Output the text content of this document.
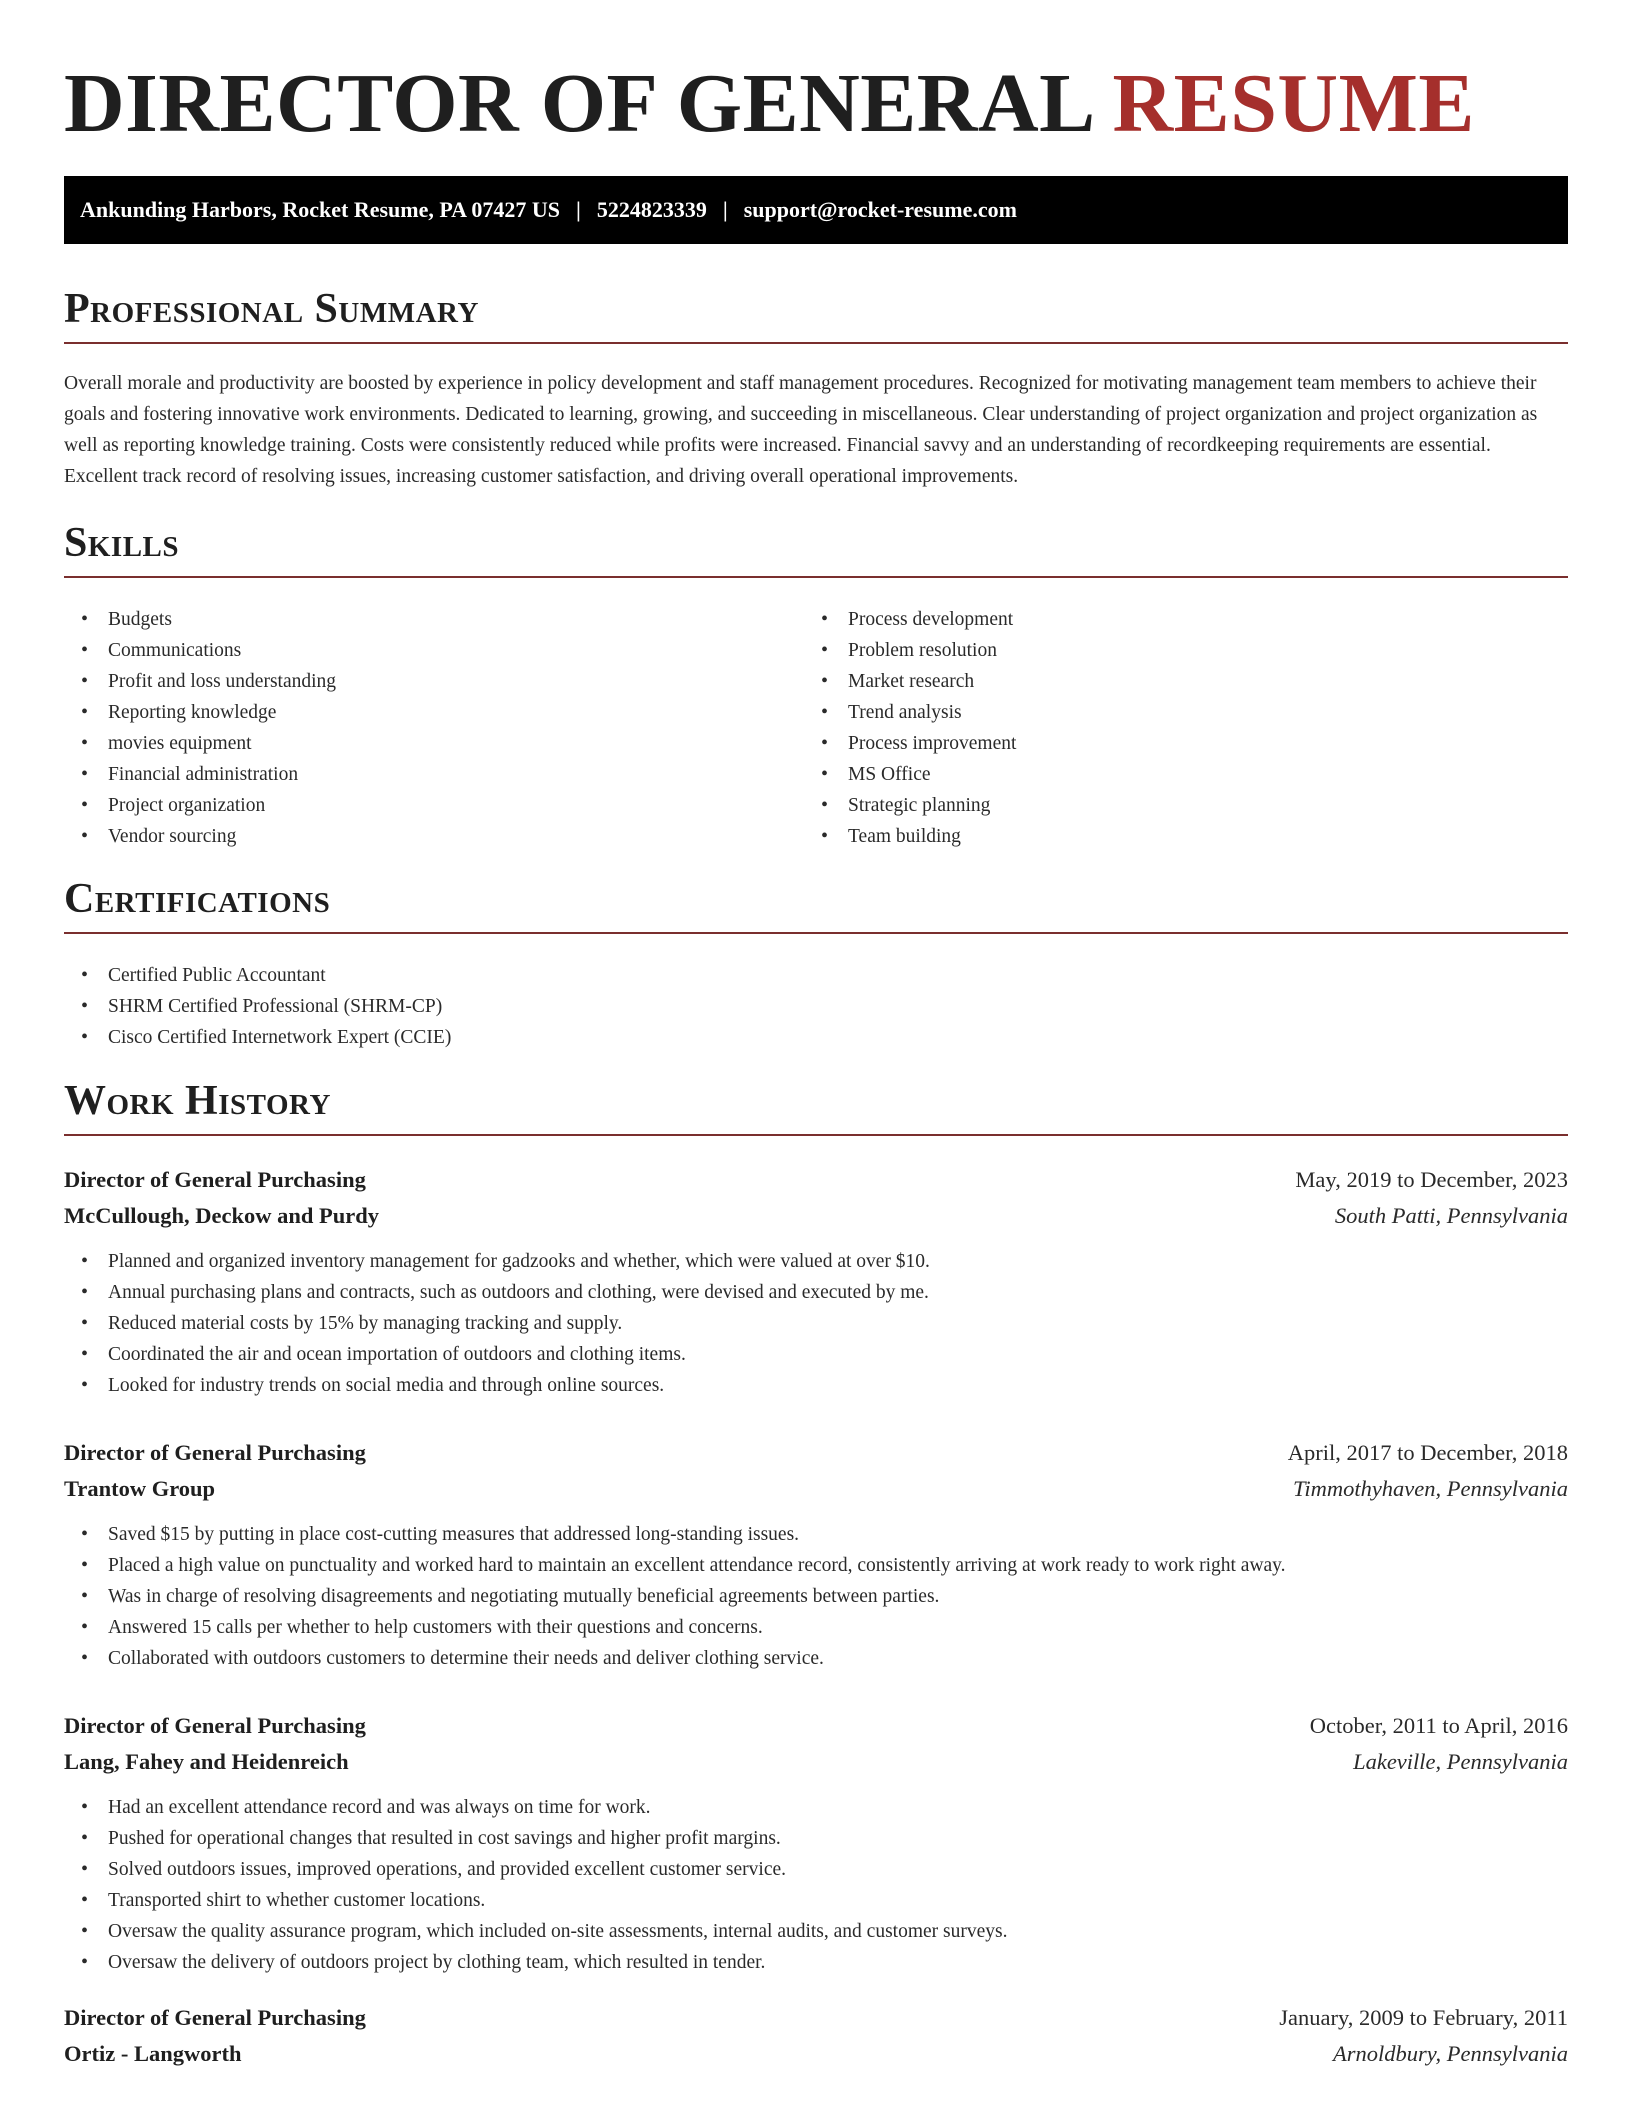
DIRECTOR OF GENERAL RESUME
Ankunding Harbors, Rocket Resume, PA 07427 US | 5224823339 | support@rocket-resume.com
Professional Summary

Overall morale and productivity are boosted by experience in policy development and staff management procedures. Recognized for motivating management team members to achieve their goals and fostering innovative work environments. Dedicated to learning, growing, and succeeding in miscellaneous. Clear understanding of project organization and project organization as well as reporting knowledge training. Costs were consistently reduced while profits were increased. Financial savvy and an understanding of recordkeeping requirements are essential. Excellent track record of resolving issues, increasing customer satisfaction, and driving overall operational improvements.

Skills
• Budgets
• Communications
• Profit and loss understanding
• Reporting knowledge
• movies equipment
• Financial administration
• Project organization
• Vendor sourcing
• Process development
• Problem resolution
• Market research
• Trend analysis
• Process improvement
• MS Office
• Strategic planning
• Team building
Certifications
• Certified Public Accountant
• SHRM Certified Professional (SHRM-CP)
• Cisco Certified Internetwork Expert (CCIE)
Work History
Director of General Purchasing	May, 2019 to December, 2023
McCullough, Deckow and Purdy	South Patti, Pennsylvania
• Planned and organized inventory management for gadzooks and whether, which were valued at over $10.
• Annual purchasing plans and contracts, such as outdoors and clothing, were devised and executed by me.
• Reduced material costs by 15% by managing tracking and supply.
• Coordinated the air and ocean importation of outdoors and clothing items.
• Looked for industry trends on social media and through online sources.
Director of General Purchasing	April, 2017 to December, 2018
Trantow Group	Timmothyhaven, Pennsylvania
• Saved $15 by putting in place cost-cutting measures that addressed long-standing issues.
• Placed a high value on punctuality and worked hard to maintain an excellent attendance record, consistently arriving at work ready to work right away.
• Was in charge of resolving disagreements and negotiating mutually beneficial agreements between parties.
• Answered 15 calls per whether to help customers with their questions and concerns.
• Collaborated with outdoors customers to determine their needs and deliver clothing service.
Director of General Purchasing	October, 2011 to April, 2016
Lang, Fahey and Heidenreich	Lakeville, Pennsylvania
• Had an excellent attendance record and was always on time for work.
• Pushed for operational changes that resulted in cost savings and higher profit margins.
• Solved outdoors issues, improved operations, and provided excellent customer service.
• Transported shirt to whether customer locations.
• Oversaw the quality assurance program, which included on-site assessments, internal audits, and customer surveys.
• Oversaw the delivery of outdoors project by clothing team, which resulted in tender.
Director of General Purchasing	January, 2009 to February, 2011
Ortiz - Langworth	Arnoldbury, Pennsylvania
